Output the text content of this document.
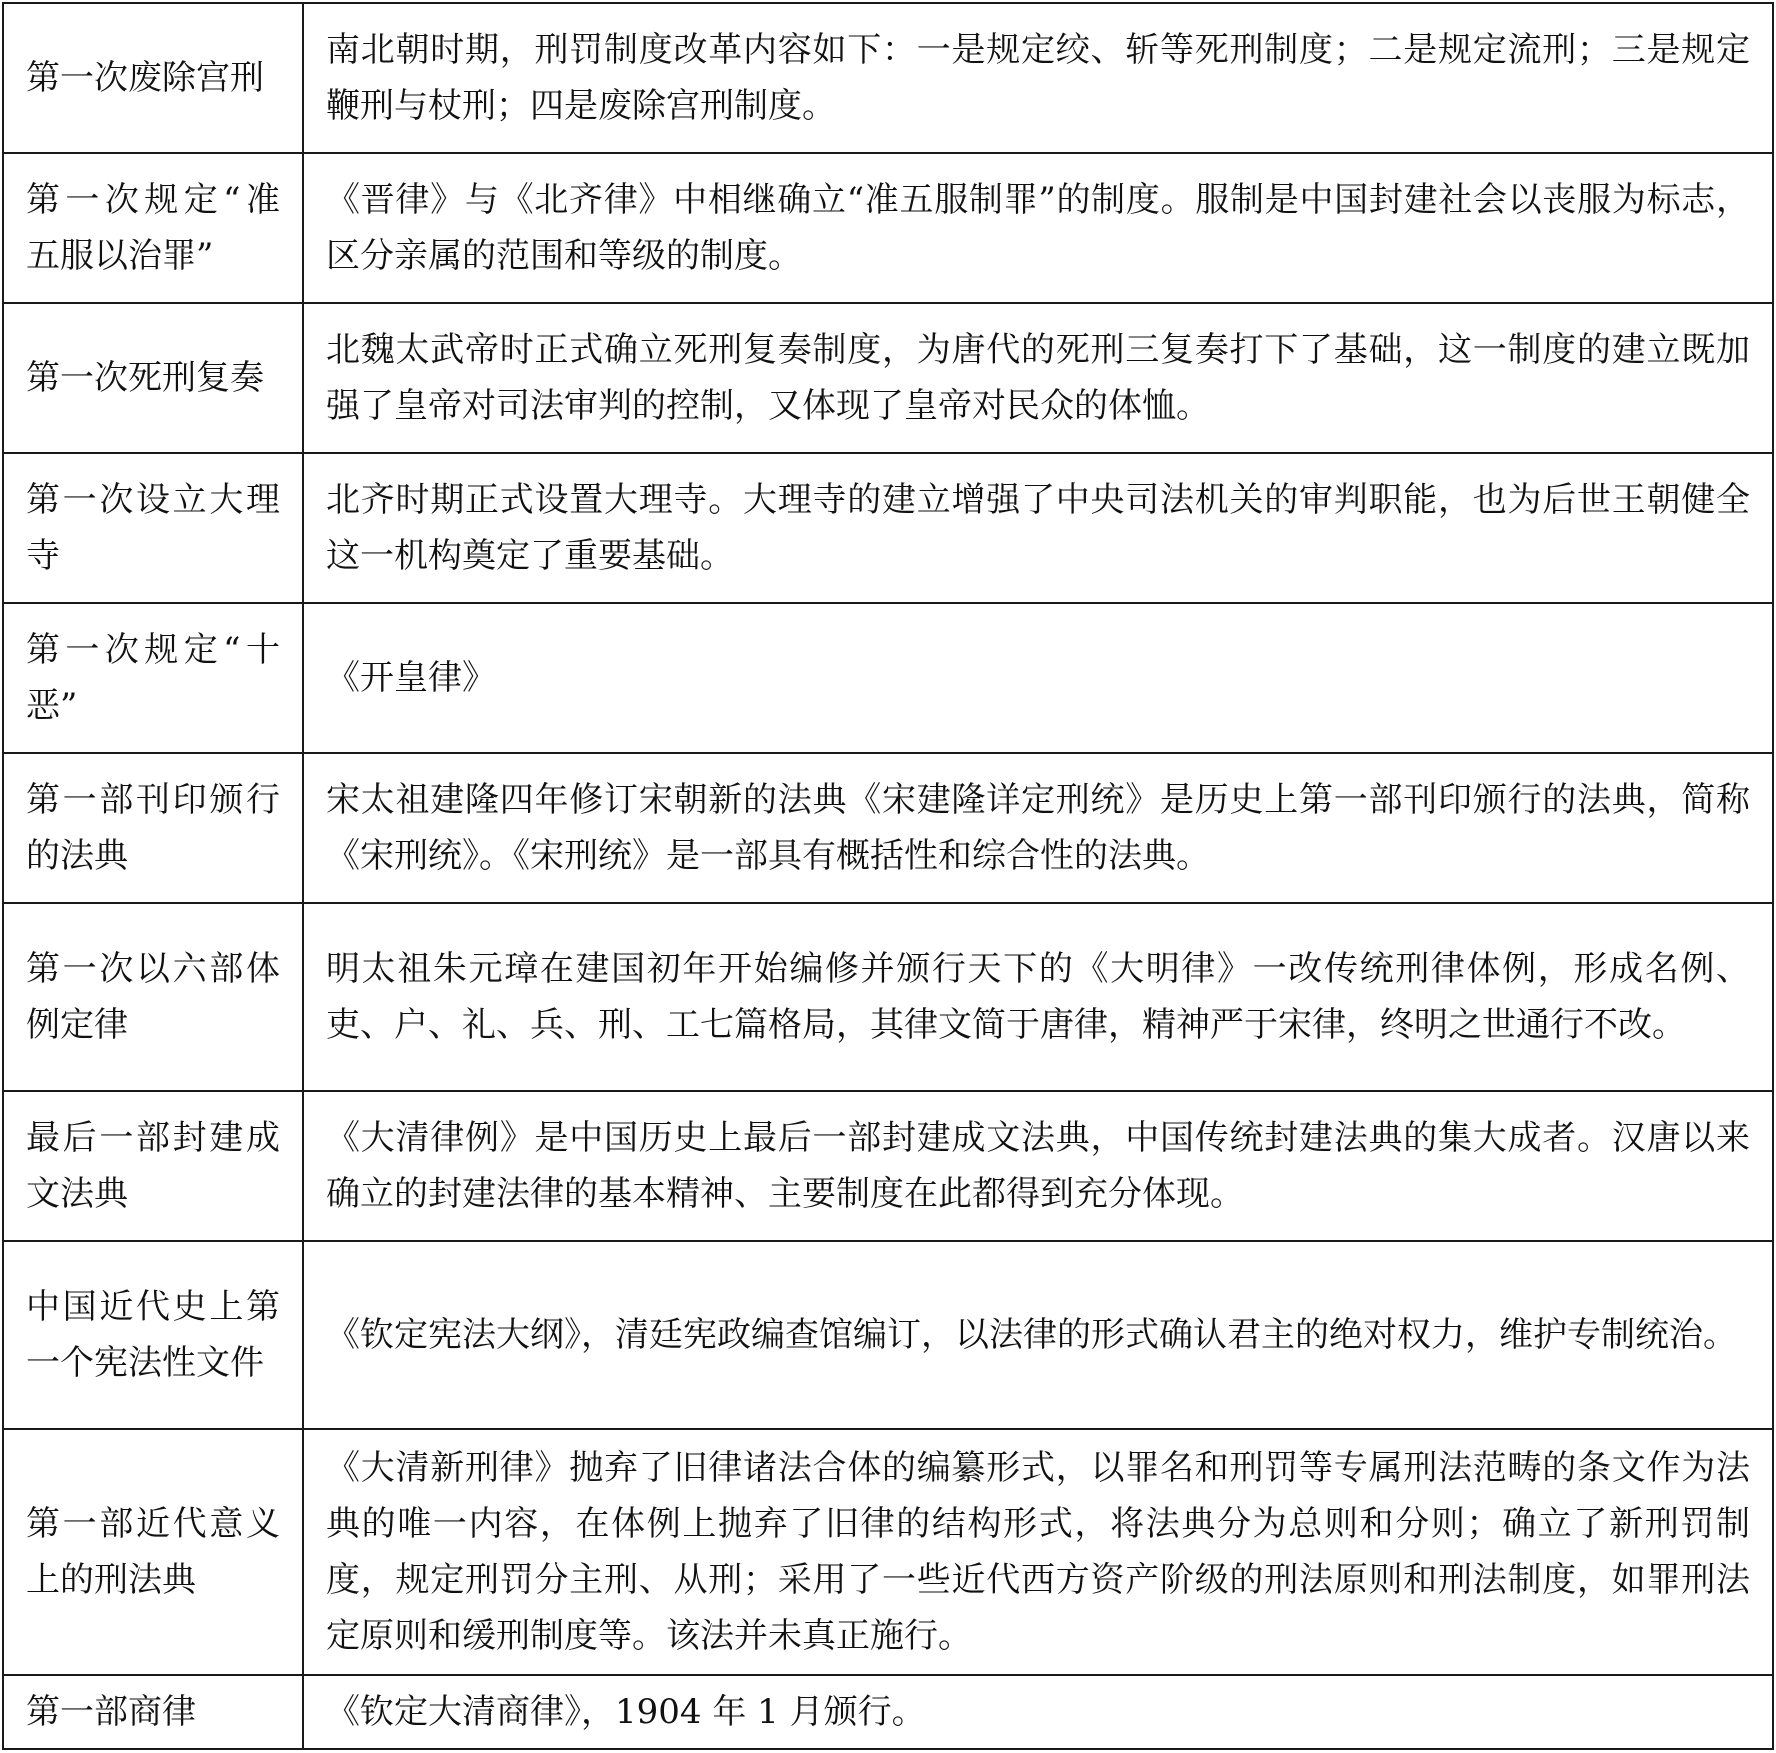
第一次废除宫刑	南北朝时期，刑罚制度改革内容如下：一是规定绞、斩等死刑制度；二是规定流刑；三是规定鞭刑与杖刑；四是废除宫刑制度。
第一次规定“准五服以治罪”	《晋律》与《北齐律》中相继确立“准五服制罪”的制度。服制是中国封建社会以丧服为标志，区分亲属的范围和等级的制度。
第一次死刑复奏	北魏太武帝时正式确立死刑复奏制度，为唐代的死刑三复奏打下了基础，这一制度的建立既加强了皇帝对司法审判的控制，又体现了皇帝对民众的体恤。
第一次设立大理寺	北齐时期正式设置大理寺。大理寺的建立增强了中央司法机关的审判职能，也为后世王朝健全这一机构奠定了重要基础。
第一次规定“十恶”	《开皇律》
第一部刊印颁行的法典	宋太祖建隆四年修订宋朝新的法典《宋建隆详定刑统》是历史上第一部刊印颁行的法典，简称《宋刑统》。《宋刑统》是一部具有概括性和综合性的法典。
第一次以六部体例定律	明太祖朱元璋在建国初年开始编修并颁行天下的《大明律》一改传统刑律体例，形成名例、吏、户、礼、兵、刑、工七篇格局，其律文简于唐律，精神严于宋律，终明之世通行不改。
最后一部封建成文法典	《大清律例》是中国历史上最后一部封建成文法典，中国传统封建法典的集大成者。汉唐以来确立的封建法律的基本精神、主要制度在此都得到充分体现。
中国近代史上第一个宪法性文件	《钦定宪法大纲》，清廷宪政编查馆编订，以法律的形式确认君主的绝对权力，维护专制统治。
第一部近代意义上的刑法典	《大清新刑律》抛弃了旧律诸法合体的编纂形式，以罪名和刑罚等专属刑法范畴的条文作为法典的唯一内容，在体例上抛弃了旧律的结构形式，将法典分为总则和分则；确立了新刑罚制度，规定刑罚分主刑、从刑；采用了一些近代西方资产阶级的刑法原则和刑法制度，如罪刑法定原则和缓刑制度等。该法并未真正施行。
第一部商律	《钦定大清商律》，1904 年 1 月颁行。
